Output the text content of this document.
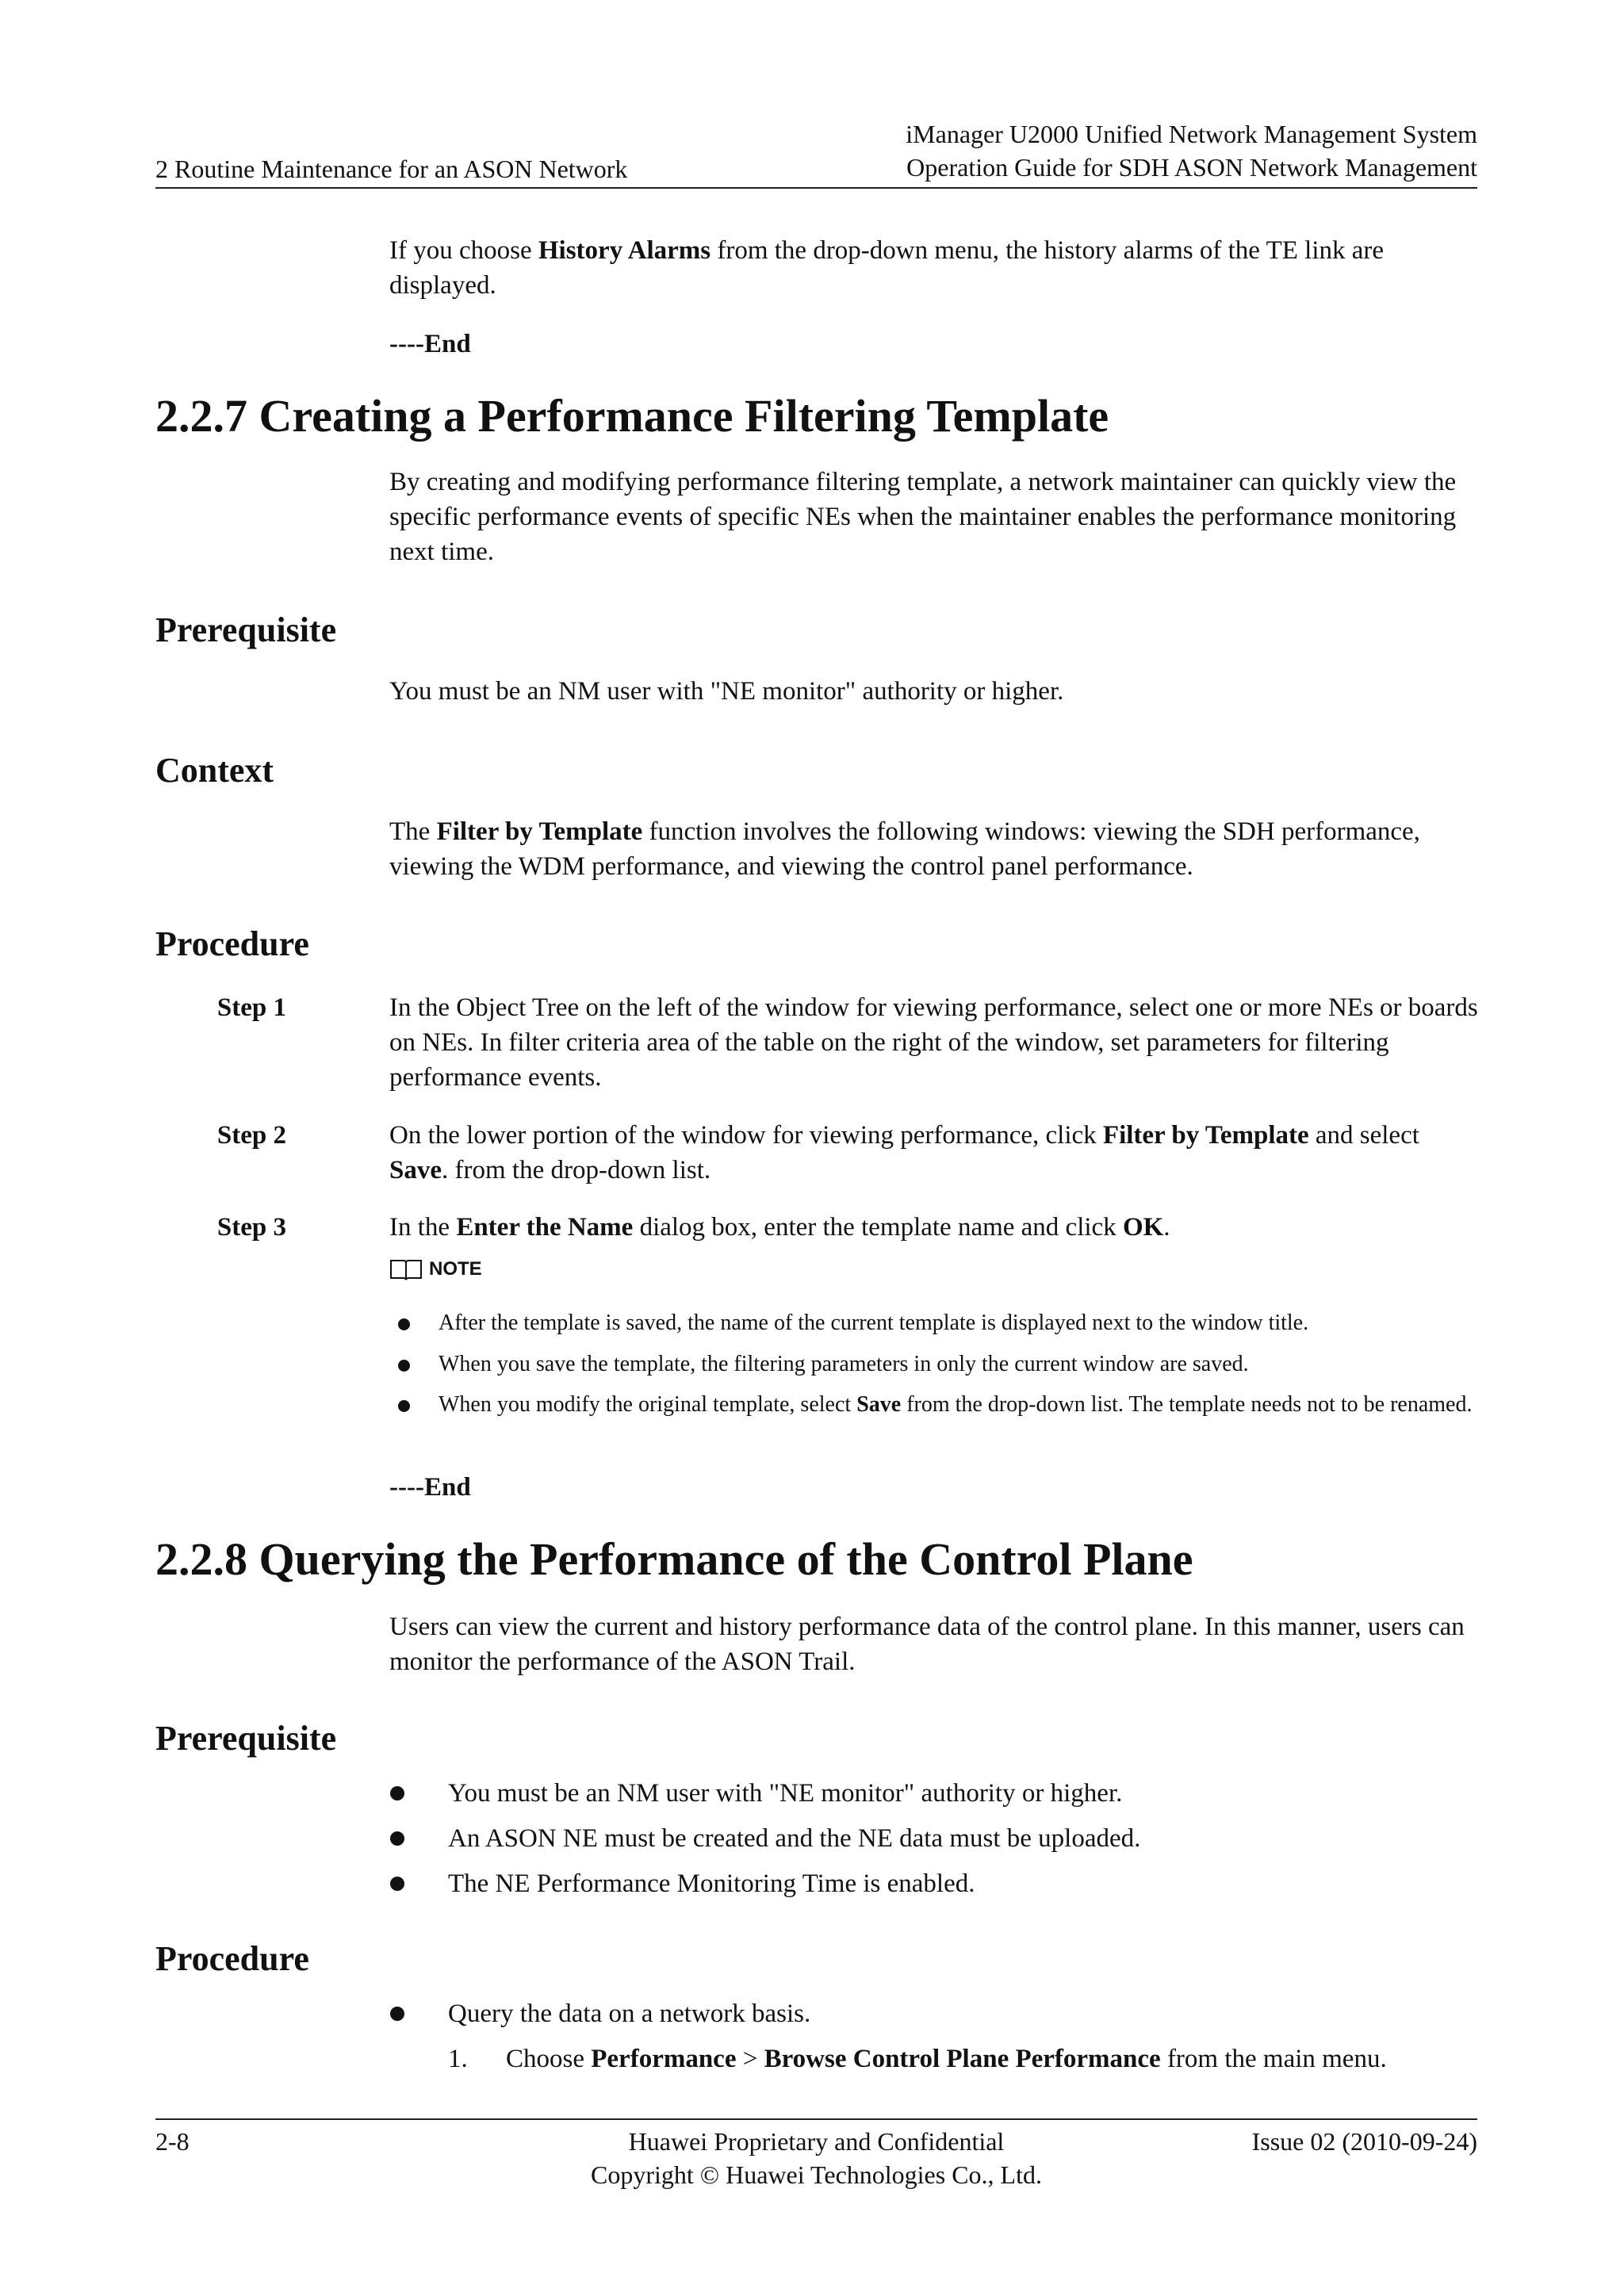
2 Routine Maintenance for an ASON Network
iManager U2000 Unified Network Management System
Operation Guide for SDH ASON Network Management

If you choose History Alarms from the drop-down menu, the history alarms of the TE link are displayed.

----End
2.2.7 Creating a Performance Filtering Template

By creating and modifying performance filtering template, a network maintainer can quickly view the specific performance events of specific NEs when the maintainer enables the performance monitoring next time.

Prerequisite

You must be an NM user with "NE monitor" authority or higher.

Context

The Filter by Template function involves the following windows: viewing the SDH performance, viewing the WDM performance, and viewing the control panel performance.

Procedure
Step 1	In the Object Tree on the left of the window for viewing performance, select one or more NEs or boards on NEs. In filter criteria area of the table on the right of the window, set parameters for filtering performance events.
Step 2	On the lower portion of the window for viewing performance, click Filter by Template and select Save. from the drop-down list.
Step 3	In the Enter the Name dialog box, enter the template name and click OK.
NOTE
After the template is saved, the name of the current template is displayed next to the window title.
When you save the template, the filtering parameters in only the current window are saved.
When you modify the original template, select Save from the drop-down list. The template needs not to be renamed.
----End
2.2.8 Querying the Performance of the Control Plane

Users can view the current and history performance data of the control plane. In this manner, users can monitor the performance of the ASON Trail.

Prerequisite
You must be an NM user with "NE monitor" authority or higher.
An ASON NE must be created and the NE data must be uploaded.
The NE Performance Monitoring Time is enabled.
Procedure
Query the data on a network basis.
1. Choose Performance > Browse Control Plane Performance from the main menu.
2-8	Huawei Proprietary and Confidential
Copyright © Huawei Technologies Co., Ltd.
Issue 02 (2010-09-24)
